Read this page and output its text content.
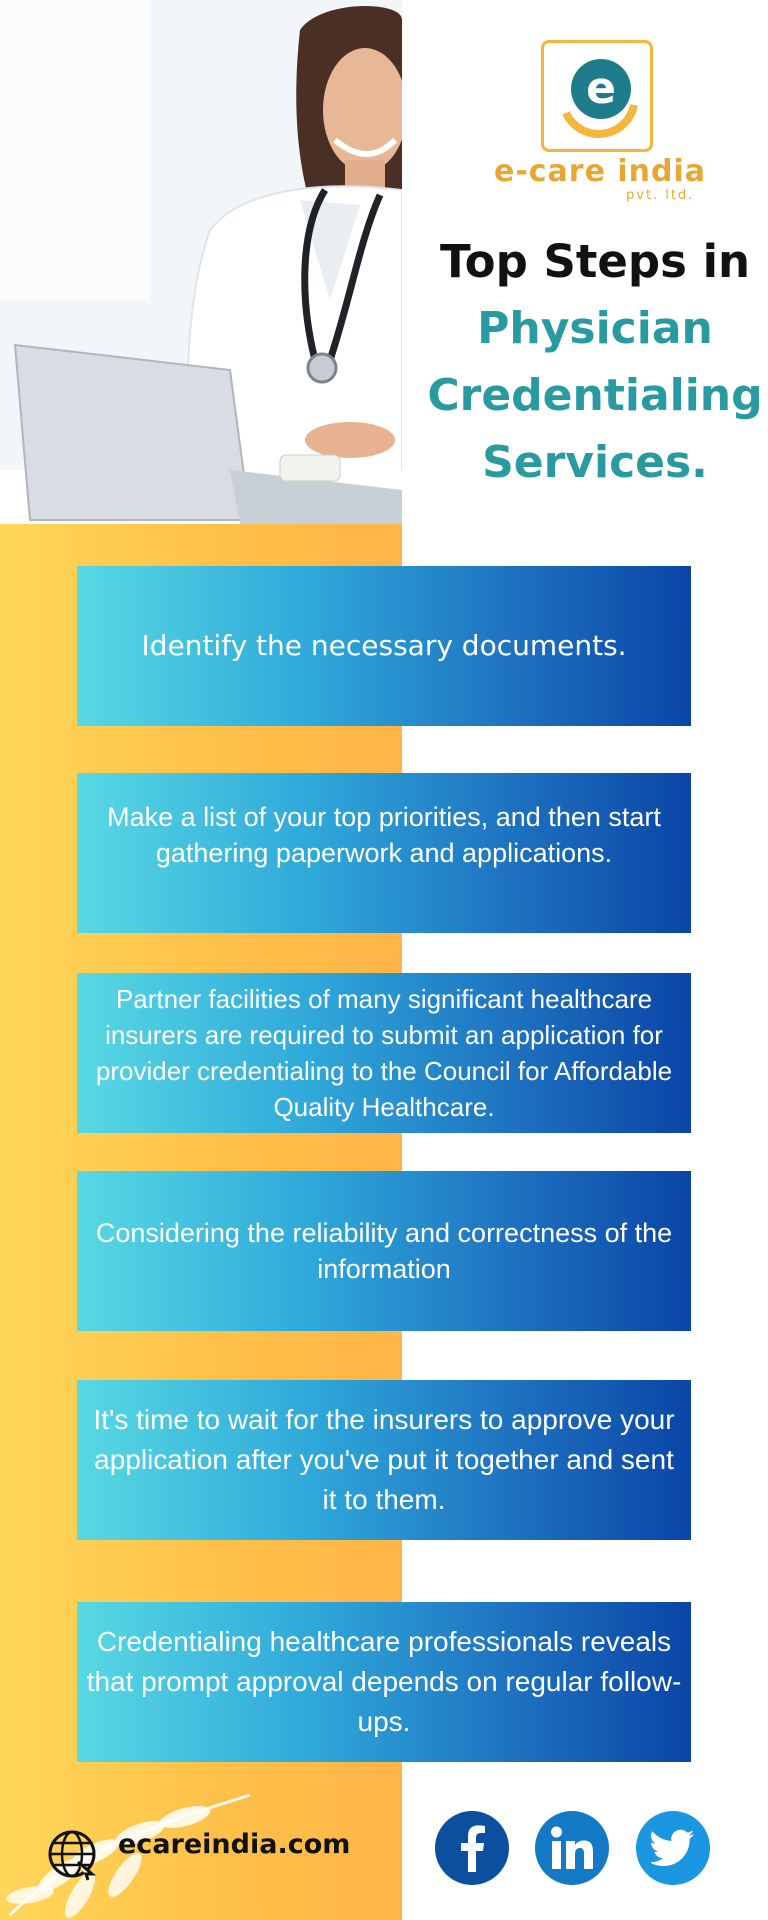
e
e-care india
pvt. ltd.
Top Steps in
Physician
Credentialing
Services.
Identify the necessary documents.
Make a list of your top priorities, and then start gathering paperwork and applications.
Partner facilities of many significant healthcare insurers are required to submit an application for provider credentialing to the Council for Affordable Quality Healthcare.
Considering the reliability and correctness of the information
It's time to wait for the insurers to approve your application after you've put it together and sent it to them.
Credentialing healthcare professionals reveals that prompt approval depends on regular follow-ups.
ecareindia.com
